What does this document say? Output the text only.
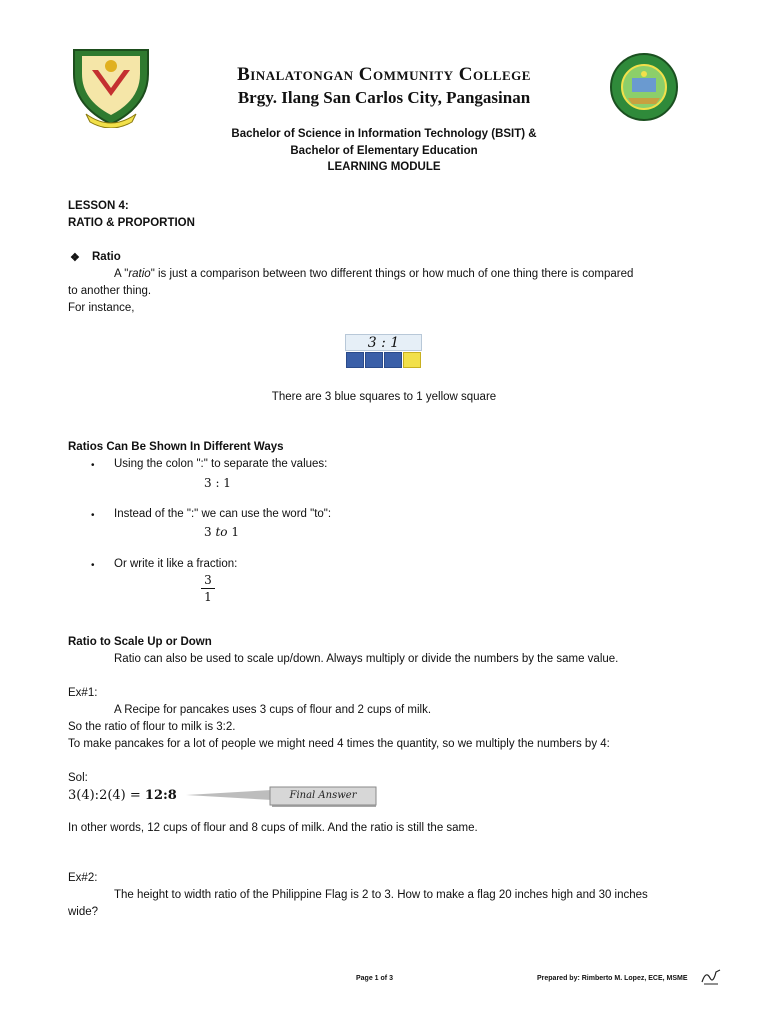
Binalatongan Community College
Brgy. Ilang San Carlos City, Pangasinan
Bachelor of Science in Information Technology (BSIT) &
Bachelor of Elementary Education
LEARNING MODULE
LESSON 4:
RATIO & PROPORTION
❖ Ratio
A "ratio" is just a comparison between two different things or how much of one thing there is compared
to another thing.
For instance,
3 : 1
There are 3 blue squares to 1 yellow square
Ratios Can Be Shown In Different Ways
• Using the colon ":" to separate the values:
3 : 1
• Instead of the ":" we can use the word "to":
3 to 1
• Or write it like a fraction:
3
1
Ratio to Scale Up or Down
Ratio can also be used to scale up/down. Always multiply or divide the numbers by the same value.
Ex#1:
A Recipe for pancakes uses 3 cups of flour and 2 cups of milk.
So the ratio of flour to milk is 3:2.
To make pancakes for a lot of people we might need 4 times the quantity, so we multiply the numbers by 4:
Sol:
3(4):2(4) = 12:8	Final Answer
In other words, 12 cups of flour and 8 cups of milk. And the ratio is still the same.
Ex#2:
The height to width ratio of the Philippine Flag is 2 to 3. How to make a flag 20 inches high and 30 inches
wide?
Page 1 of 3	Prepared by: Rimberto M. Lopez, ECE, MSME
